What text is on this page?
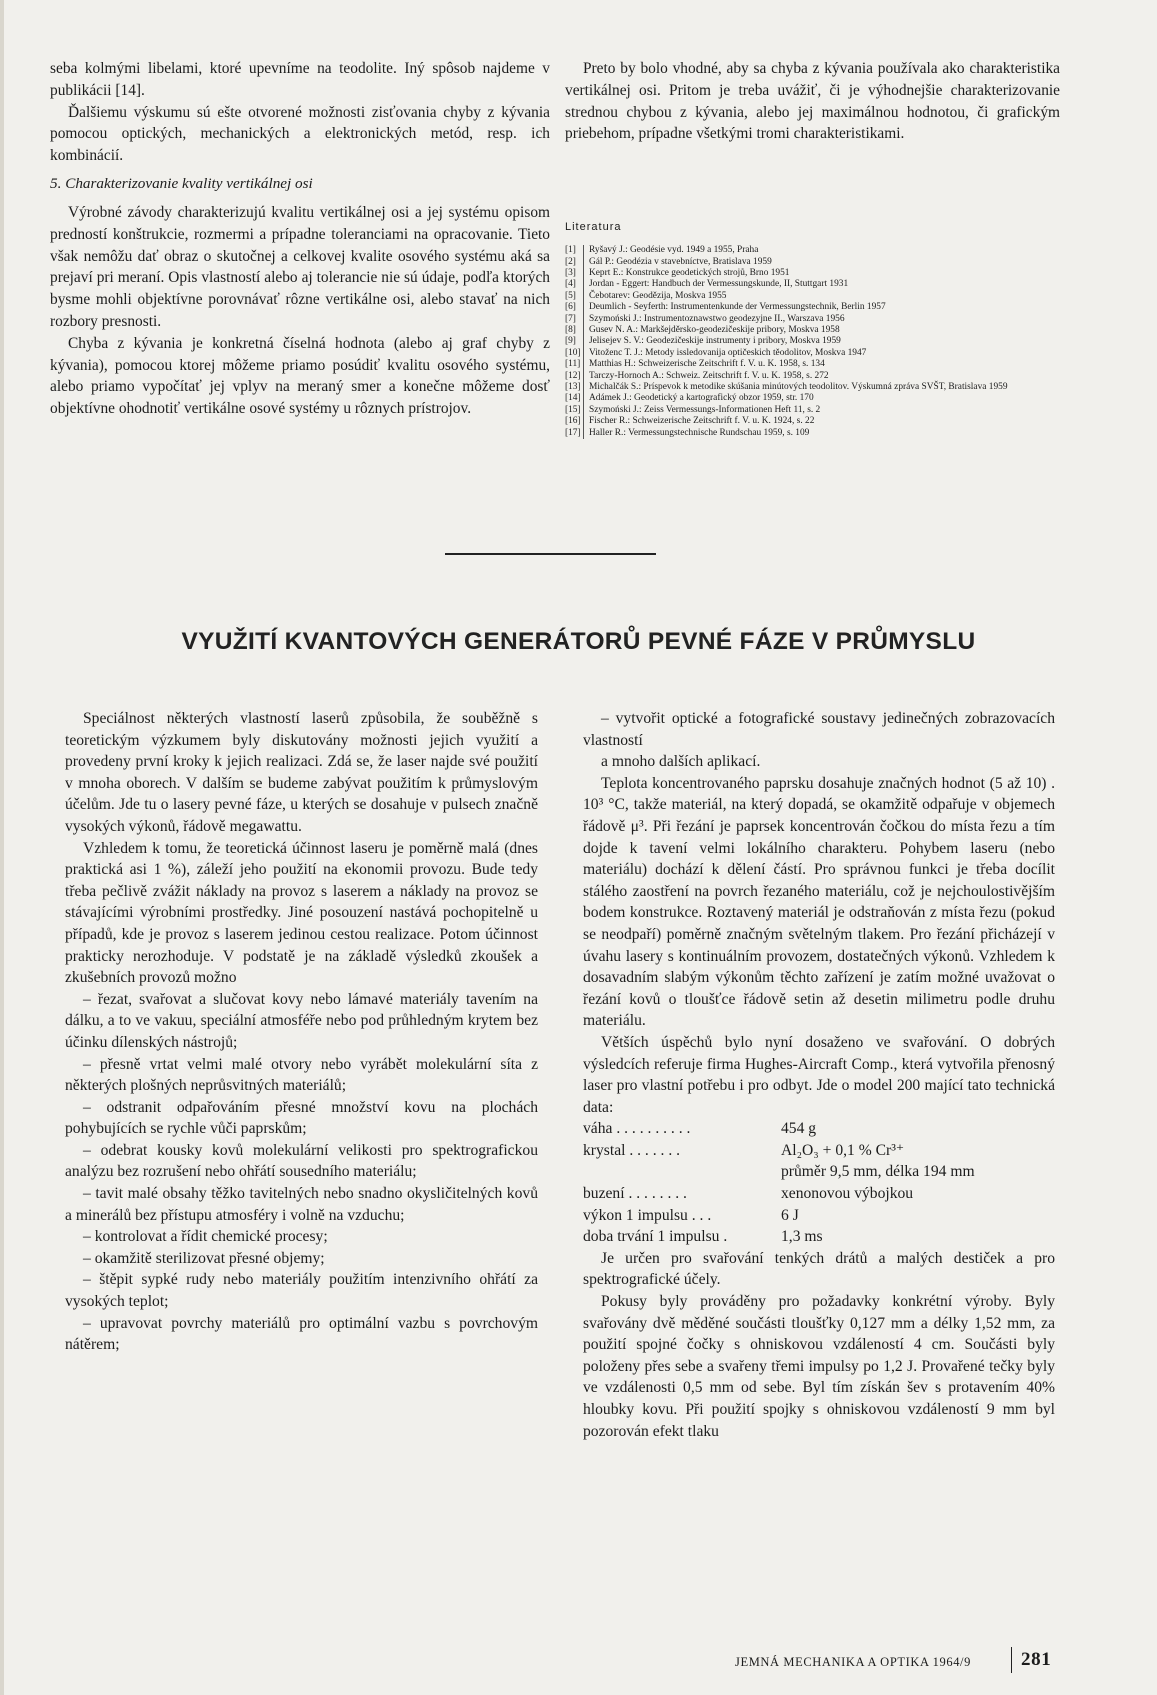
seba kolmými libelami, ktoré upevníme na teodolite. Iný spôsob najdeme v publikácii [14].

Ďalšiemu výskumu sú ešte otvorené možnosti zisťovania chyby z kývania pomocou optických, mechanických a elektronických metód, resp. ich kombinácií.

5. Charakterizovanie kvality vertikálnej osi

Výrobné závody charakterizujú kvalitu vertikálnej osi a jej systému opisom predností konštrukcie, rozmermi a prípadne toleranciami na opracovanie. Tieto však nemôžu dať obraz o skutočnej a celkovej kvalite osového systému aká sa prejaví pri meraní. Opis vlastností alebo aj tolerancie nie sú údaje, podľa ktorých bysme mohli objektívne porovnávať rôzne vertikálne osi, alebo stavať na nich rozbory presnosti.

Chyba z kývania je konkretná číselná hodnota (alebo aj graf chyby z kývania), pomocou ktorej môžeme priamo posúdiť kvalitu osového systému, alebo priamo vypočítať jej vplyv na meraný smer a konečne môžeme dosť objektívne ohodnotiť vertikálne osové systémy u rôznych prístrojov.

Preto by bolo vhodné, aby sa chyba z kývania používala ako charakteristika vertikálnej osi. Pritom je treba uvážiť, či je výhodnejšie charakterizovanie strednou chybou z kývania, alebo jej maximálnou hodnotou, či grafickým priebehom, prípadne všetkými tromi charakteristikami.

Literatura
[1]	Ryšavý J.: Geodésie vyd. 1949 a 1955, Praha
[2]	Gál P.: Geodézia v stavebníctve, Bratislava 1959
[3]	Keprt E.: Konstrukce geodetických strojů, Brno 1951
[4]	Jordan - Eggert: Handbuch der Vermessungskunde, II, Stuttgart 1931
[5]	Čebotarev: Geodězija, Moskva 1955
[6]	Deumlich - Seyferth: Instrumentenkunde der Vermessungstechnik, Berlin 1957
[7]	Szymoński J.: Instrumentoznawstwo geodezyjne II., Warszava 1956
[8]	Gusev N. A.: Markšejděrsko-geodezičeskije pribory, Moskva 1958
[9]	Jelisejev S. V.: Geodezičeskije instrumenty i pribory, Moskva 1959
[10] Vitoženc T. J.: Metody issledovanija optičeskich těodolitov, Moskva 1947
[11] Matthias H.: Schweizerische Zeitschrift f. V. u. K. 1958, s. 134
[12] Tarczy-Hornoch A.: Schweiz. Zeitschrift f. V. u. K. 1958, s. 272
[13] Michalčák S.: Príspevok k metodike skúšania minútových teodolitov. Výskumná zpráva SVŠT, Bratislava 1959
[14] Adámek J.: Geodetický a kartografický obzor 1959, str. 170
[15] Szymoński J.: Zeiss Vermessungs-Informationen Heft 11, s. 2
[16] Fischer R.: Schweizerische Zeitschrift f. V. u. K. 1924, s. 22
[17] Haller R.: Vermessungstechnische Rundschau 1959, s. 109
VYUŽITÍ KVANTOVÝCH GENERÁTORŮ PEVNÉ FÁZE V PRŮMYSLU

Speciálnost některých vlastností laserů způsobila, že souběžně s teoretickým výzkumem byly diskutovány možnosti jejich využití a provedeny první kroky k jejich realizaci. Zdá se, že laser najde své použití v mnoha oborech. V dalším se budeme zabývat použitím k průmyslovým účelům. Jde tu o lasery pevné fáze, u kterých se dosahuje v pulsech značně vysokých výkonů, řádově megawattu.

Vzhledem k tomu, že teoretická účinnost laseru je poměrně malá (dnes praktická asi 1 %), záleží jeho použití na ekonomii provozu. Bude tedy třeba pečlivě zvážit náklady na provoz s laserem a náklady na provoz se stávajícími výrobními prostředky. Jiné posouzení nastává pochopitelně u případů, kde je provoz s laserem jedinou cestou realizace. Potom účinnost prakticky nerozhoduje. V podstatě je na základě výsledků zkoušek a zkušebních provozů možno

– řezat, svařovat a slučovat kovy nebo lámavé materiály tavením na dálku, a to ve vakuu, speciální atmosféře nebo pod průhledným krytem bez účinku dílenských nástrojů;

– přesně vrtat velmi malé otvory nebo vyrábět molekulární síta z některých plošných neprůsvitných materiálů;

– odstranit odpařováním přesné množství kovu na plochách pohybujících se rychle vůči paprskům;

– odebrat kousky kovů molekulární velikosti pro spektrografickou analýzu bez rozrušení nebo ohřátí sousedního materiálu;

– tavit malé obsahy těžko tavitelných nebo snadno okysličitelných kovů a minerálů bez přístupu atmosféry i volně na vzduchu;

– kontrolovat a řídit chemické procesy;

– okamžitě sterilizovat přesné objemy;

– štěpit sypké rudy nebo materiály použitím intenzivního ohřátí za vysokých teplot;

– upravovat povrchy materiálů pro optimální vazbu s povrchovým nátěrem;

– vytvořit optické a fotografické soustavy jedinečných zobrazovacích vlastností

a mnoho dalších aplikací.

Teplota koncentrovaného paprsku dosahuje značných hodnot (5 až 10) . 10³ °C, takže materiál, na který dopadá, se okamžitě odpařuje v objemech řádově μ³. Při řezání je paprsek koncentrován čočkou do místa řezu a tím dojde k tavení velmi lokálního charakteru. Pohybem laseru (nebo materiálu) dochází k dělení částí. Pro správnou funkci je třeba docílit stálého zaostření na povrch řezaného materiálu, což je nejchoulostivějším bodem konstrukce. Roztavený materiál je odstraňován z místa řezu (pokud se neodpaří) poměrně značným světelným tlakem. Pro řezání přicházejí v úvahu lasery s kontinuálním provozem, dostatečných výkonů. Vzhledem k dosavadním slabým výkonům těchto zařízení je zatím možné uvažovat o řezání kovů o tloušťce řádově setin až desetin milimetru podle druhu materiálu.

Větších úspěchů bylo nyní dosaženo ve svařování. O dobrých výsledcích referuje firma Hughes-Aircraft Comp., která vytvořila přenosný laser pro vlastní potřebu i pro odbyt. Jde o model 200 mající tato technická data:

váha . . . . . . . . . .	454 g
krystal . . . . . . .	Al₂O₃ + 0,1 % Cr³⁺
průměr 9,5 mm, délka 194 mm
buzení . . . . . . . .	xenonovou výbojkou
výkon 1 impulsu . . .	6 J
doba trvání 1 impulsu .	1,3 ms

Je určen pro svařování tenkých drátů a malých destiček a pro spektrografické účely.

Pokusy byly prováděny pro požadavky konkrétní výroby. Byly svařovány dvě měděné součásti tloušťky 0,127 mm a délky 1,52 mm, za použití spojné čočky s ohniskovou vzdáleností 4 cm. Součásti byly položeny přes sebe a svařeny třemi impulsy po 1,2 J. Provařené tečky byly ve vzdálenosti 0,5 mm od sebe. Byl tím získán šev s protavením 40% hloubky kovu. Při použití spojky s ohniskovou vzdáleností 9 mm byl pozorován efekt tlaku

JEMNÁ MECHANIKA A OPTIKA 1964/9	281
